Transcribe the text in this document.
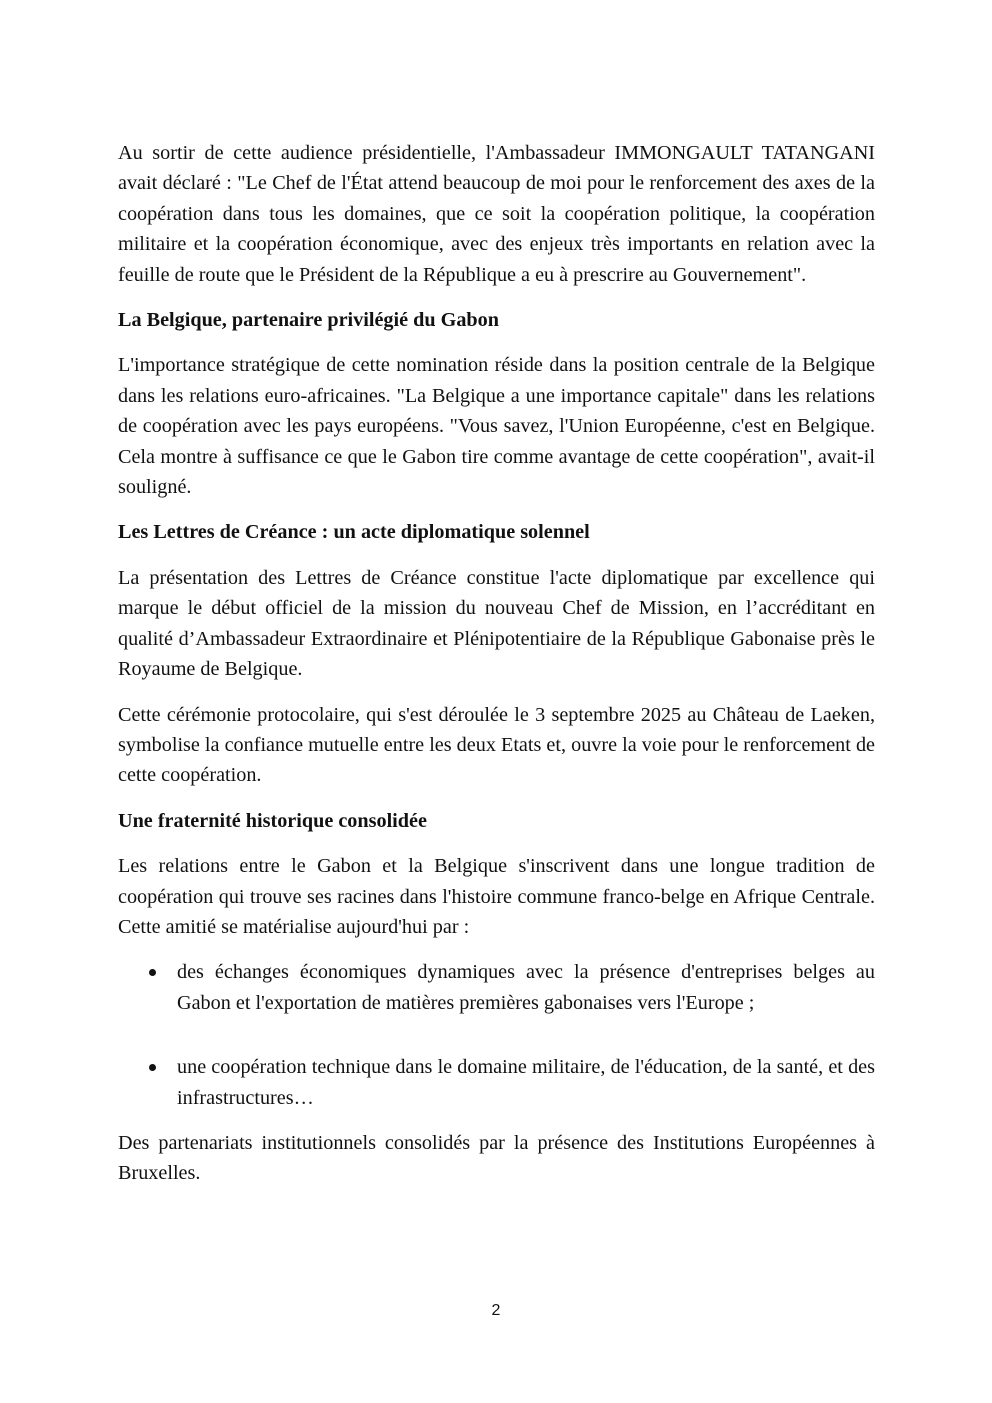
Au sortir de cette audience présidentielle, l'Ambassadeur IMMONGAULT TATANGANI avait déclaré : "Le Chef de l'État attend beaucoup de moi pour le renforcement des axes de la coopération dans tous les domaines, que ce soit la coopération politique, la coopération militaire et la coopération économique, avec des enjeux très importants en relation avec la feuille de route que le Président de la République a eu à prescrire au Gouvernement".

La Belgique, partenaire privilégié du Gabon

L'importance stratégique de cette nomination réside dans la position centrale de la Belgique dans les relations euro-africaines. "La Belgique a une importance capitale" dans les relations de coopération avec les pays européens. "Vous savez, l'Union Européenne, c'est en Belgique. Cela montre à suffisance ce que le Gabon tire comme avantage de cette coopération", avait-il souligné.

Les Lettres de Créance : un acte diplomatique solennel

La présentation des Lettres de Créance constitue l'acte diplomatique par excellence qui marque le début officiel de la mission du nouveau Chef de Mission, en l’accréditant en qualité d’Ambassadeur Extraordinaire et Plénipotentiaire de la République Gabonaise près le Royaume de Belgique.

Cette cérémonie protocolaire, qui s'est déroulée le 3 septembre 2025 au Château de Laeken, symbolise la confiance mutuelle entre les deux Etats et, ouvre la voie pour le renforcement de cette coopération.

Une fraternité historique consolidée

Les relations entre le Gabon et la Belgique s'inscrivent dans une longue tradition de coopération qui trouve ses racines dans l'histoire commune franco-belge en Afrique Centrale. Cette amitié se matérialise aujourd'hui par :

des échanges économiques dynamiques avec la présence d'entreprises belges au Gabon et l'exportation de matières premières gabonaises vers l'Europe ;
une coopération technique dans le domaine militaire, de l'éducation, de la santé, et des infrastructures…

Des partenariats institutionnels consolidés par la présence des Institutions Européennes à Bruxelles.

2
